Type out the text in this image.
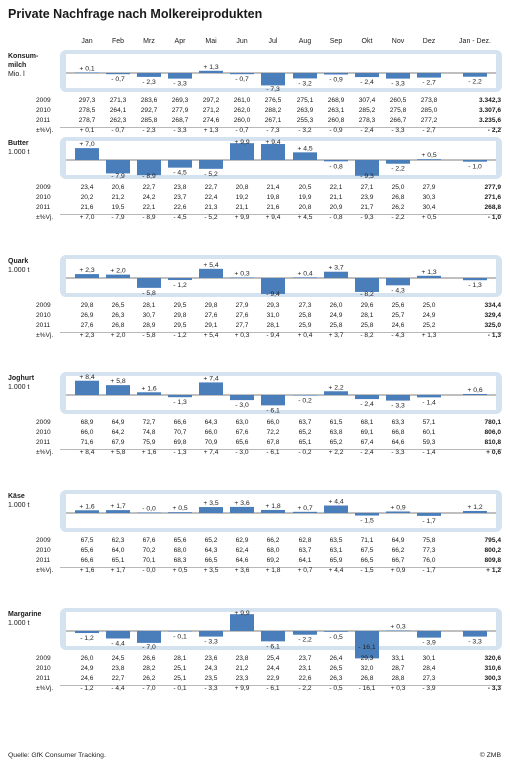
Private Nachfrage nach Molkereiprodukten
Jan	Feb	Mrz	Apr	Mai	Jun	Jul	Aug	Sep	Okt	Nov	Dez	Jan - Dez.
Konsum-milch
Mio. l
+ 0,1
- 0,7	- 2,3	- 3,3
+ 1,3
- 0,7
- 7,3
- 3,2
- 0,9	- 2,4	- 3,3	- 2,7	- 2,2
2009	297,3	271,3	283,6	269,3	297,2	261,0	276,5	275,1	268,9	307,4	260,5	273,8	3.342,3
2010	278,5	264,1	292,7	277,9	271,2	262,0	288,2	263,9	263,1	285,2	275,8	285,0	3.307,6
2011	278,7	262,3	285,8	268,7	274,6	260,0	267,1	255,3	260,8	278,3	266,7	277,2	3.235,6
±%Vj.	+ 0,1	- 0,7	- 2,3	- 3,3	+ 1,3	- 0,7	- 7,3	- 3,2	- 0,9	- 2,4	- 3,3	- 2,7	- 2,2
Butter
1.000 t
+ 7,0
- 7,9	- 8,9	- 4,5	- 5,2
+ 9,9 + 9,4
+ 4,5
- 0,8
- 9,3
- 2,2
+ 0,5
- 1,0
2009	23,4	20,6	22,7	23,8	22,7	20,8	21,4	20,5	22,1	27,1	25,0	27,9	277,9
2010	20,2	21,2	24,2	23,7	22,4	19,2	19,8	19,9	21,1	23,9	26,8	30,3	271,6
2011	21,6	19,5	22,1	22,6	21,3	21,1	21,6	20,8	20,9	21,7	26,2	30,4	268,8
±%Vj.	+ 7,0	- 7,9	- 8,9	- 4,5	- 5,2	+ 9,9	+ 9,4	+ 4,5	- 0,8	- 9,3	- 2,2	+ 0,5	- 1,0
Quark
1.000 t	+ 2,3 + 2,0
- 5,8
- 1,2
+ 5,4
+ 0,3
- 9,4
+ 0,4
+ 3,7
- 8,2
- 4,3
+ 1,3
- 1,3
2009	29,8	26,5	28,1	29,5	29,8	27,9	29,3	27,3	26,0	29,6	25,6	25,0	334,4
2010	26,9	26,3	30,7	29,8	27,6	27,6	31,0	25,8	24,9	28,1	25,7	24,9	329,4
2011	27,6	26,8	28,9	29,5	29,1	27,7	28,1	25,9	25,8	25,8	24,6	25,2	325,0
±%Vj.	+ 2,3	+ 2,0	- 5,8	- 1,2	+ 5,4	+ 0,3	- 9,4	+ 0,4	+ 3,7	- 8,2	- 4,3	+ 1,3	- 1,3
Joghurt
1.000 t
+ 8,4
+ 5,8
+ 1,6
- 1,3
+ 7,4
- 3,0
- 6,1
- 0,2
+ 2,2
- 2,4	- 3,3	- 1,4
+ 0,6
2009	68,9	64,9	72,7	66,6	64,3	63,0	66,0	63,7	61,5	68,1	63,3	57,1	780,1
2010	66,0	64,2	74,8	70,7	66,0	67,6	72,2	65,2	63,8	69,1	66,8	60,1	806,0
2011	71,6	67,9	75,9	69,8	70,9	65,6	67,8	65,1	65,2	67,4	64,6	59,3	810,8
±%Vj.	+ 8,4	+ 5,8	+ 1,6	- 1,3	+ 7,4	- 3,0	- 6,1	- 0,2	+ 2,2	- 2,4	- 3,3	- 1,4	+ 0,6
Käse
1.000 t	+ 1,6 + 1,7 - 0,0 + 0,5
+ 3,5 + 3,6 + 1,8 + 0,7
+ 4,4
- 1,5
+ 0,9
- 1,7
+ 1,2
2009	67,5	62,3	67,6	65,6	65,2	62,9	66,2	62,8	63,5	71,1	64,9	75,8	795,4
2010	65,6	64,0	70,2	68,0	64,3	62,4	68,0	63,7	63,1	67,5	66,2	77,3	800,2
2011	66,6	65,1	70,1	68,3	66,5	64,6	69,2	64,1	65,9	66,5	66,7	76,0	809,8
±%Vj.	+ 1,6	+ 1,7	- 0,0	+ 0,5	+ 3,5	+ 3,6	+ 1,8	+ 0,7	+ 4,4	- 1,5	+ 0,9	- 1,7	+ 1,2
Margarine
1.000 t
- 1,2
- 4,4
- 7,0
- 0,1
- 3,3
+ 9,9
- 6,1
- 2,2	- 0,5
- 16,1
+ 0,3
- 3,9	- 3,3
2009	26,0	24,5	26,6	28,1	23,6	23,8	25,4	23,7	26,4	29,3	33,1	30,1	320,6
2010	24,9	23,8	28,2	25,1	24,3	21,2	24,4	23,1	26,5	32,0	28,7	28,4	310,6
2011	24,6	22,7	26,2	25,1	23,5	23,3	22,9	22,6	26,3	26,8	28,8	27,3	300,3
±%Vj.	- 1,2	- 4,4	- 7,0	- 0,1	- 3,3	+ 9,9	- 6,1	- 2,2	- 0,5	- 16,1	+ 0,3	- 3,9	- 3,3
Quelle: GfK Consumer Tracking.	© ZMB
